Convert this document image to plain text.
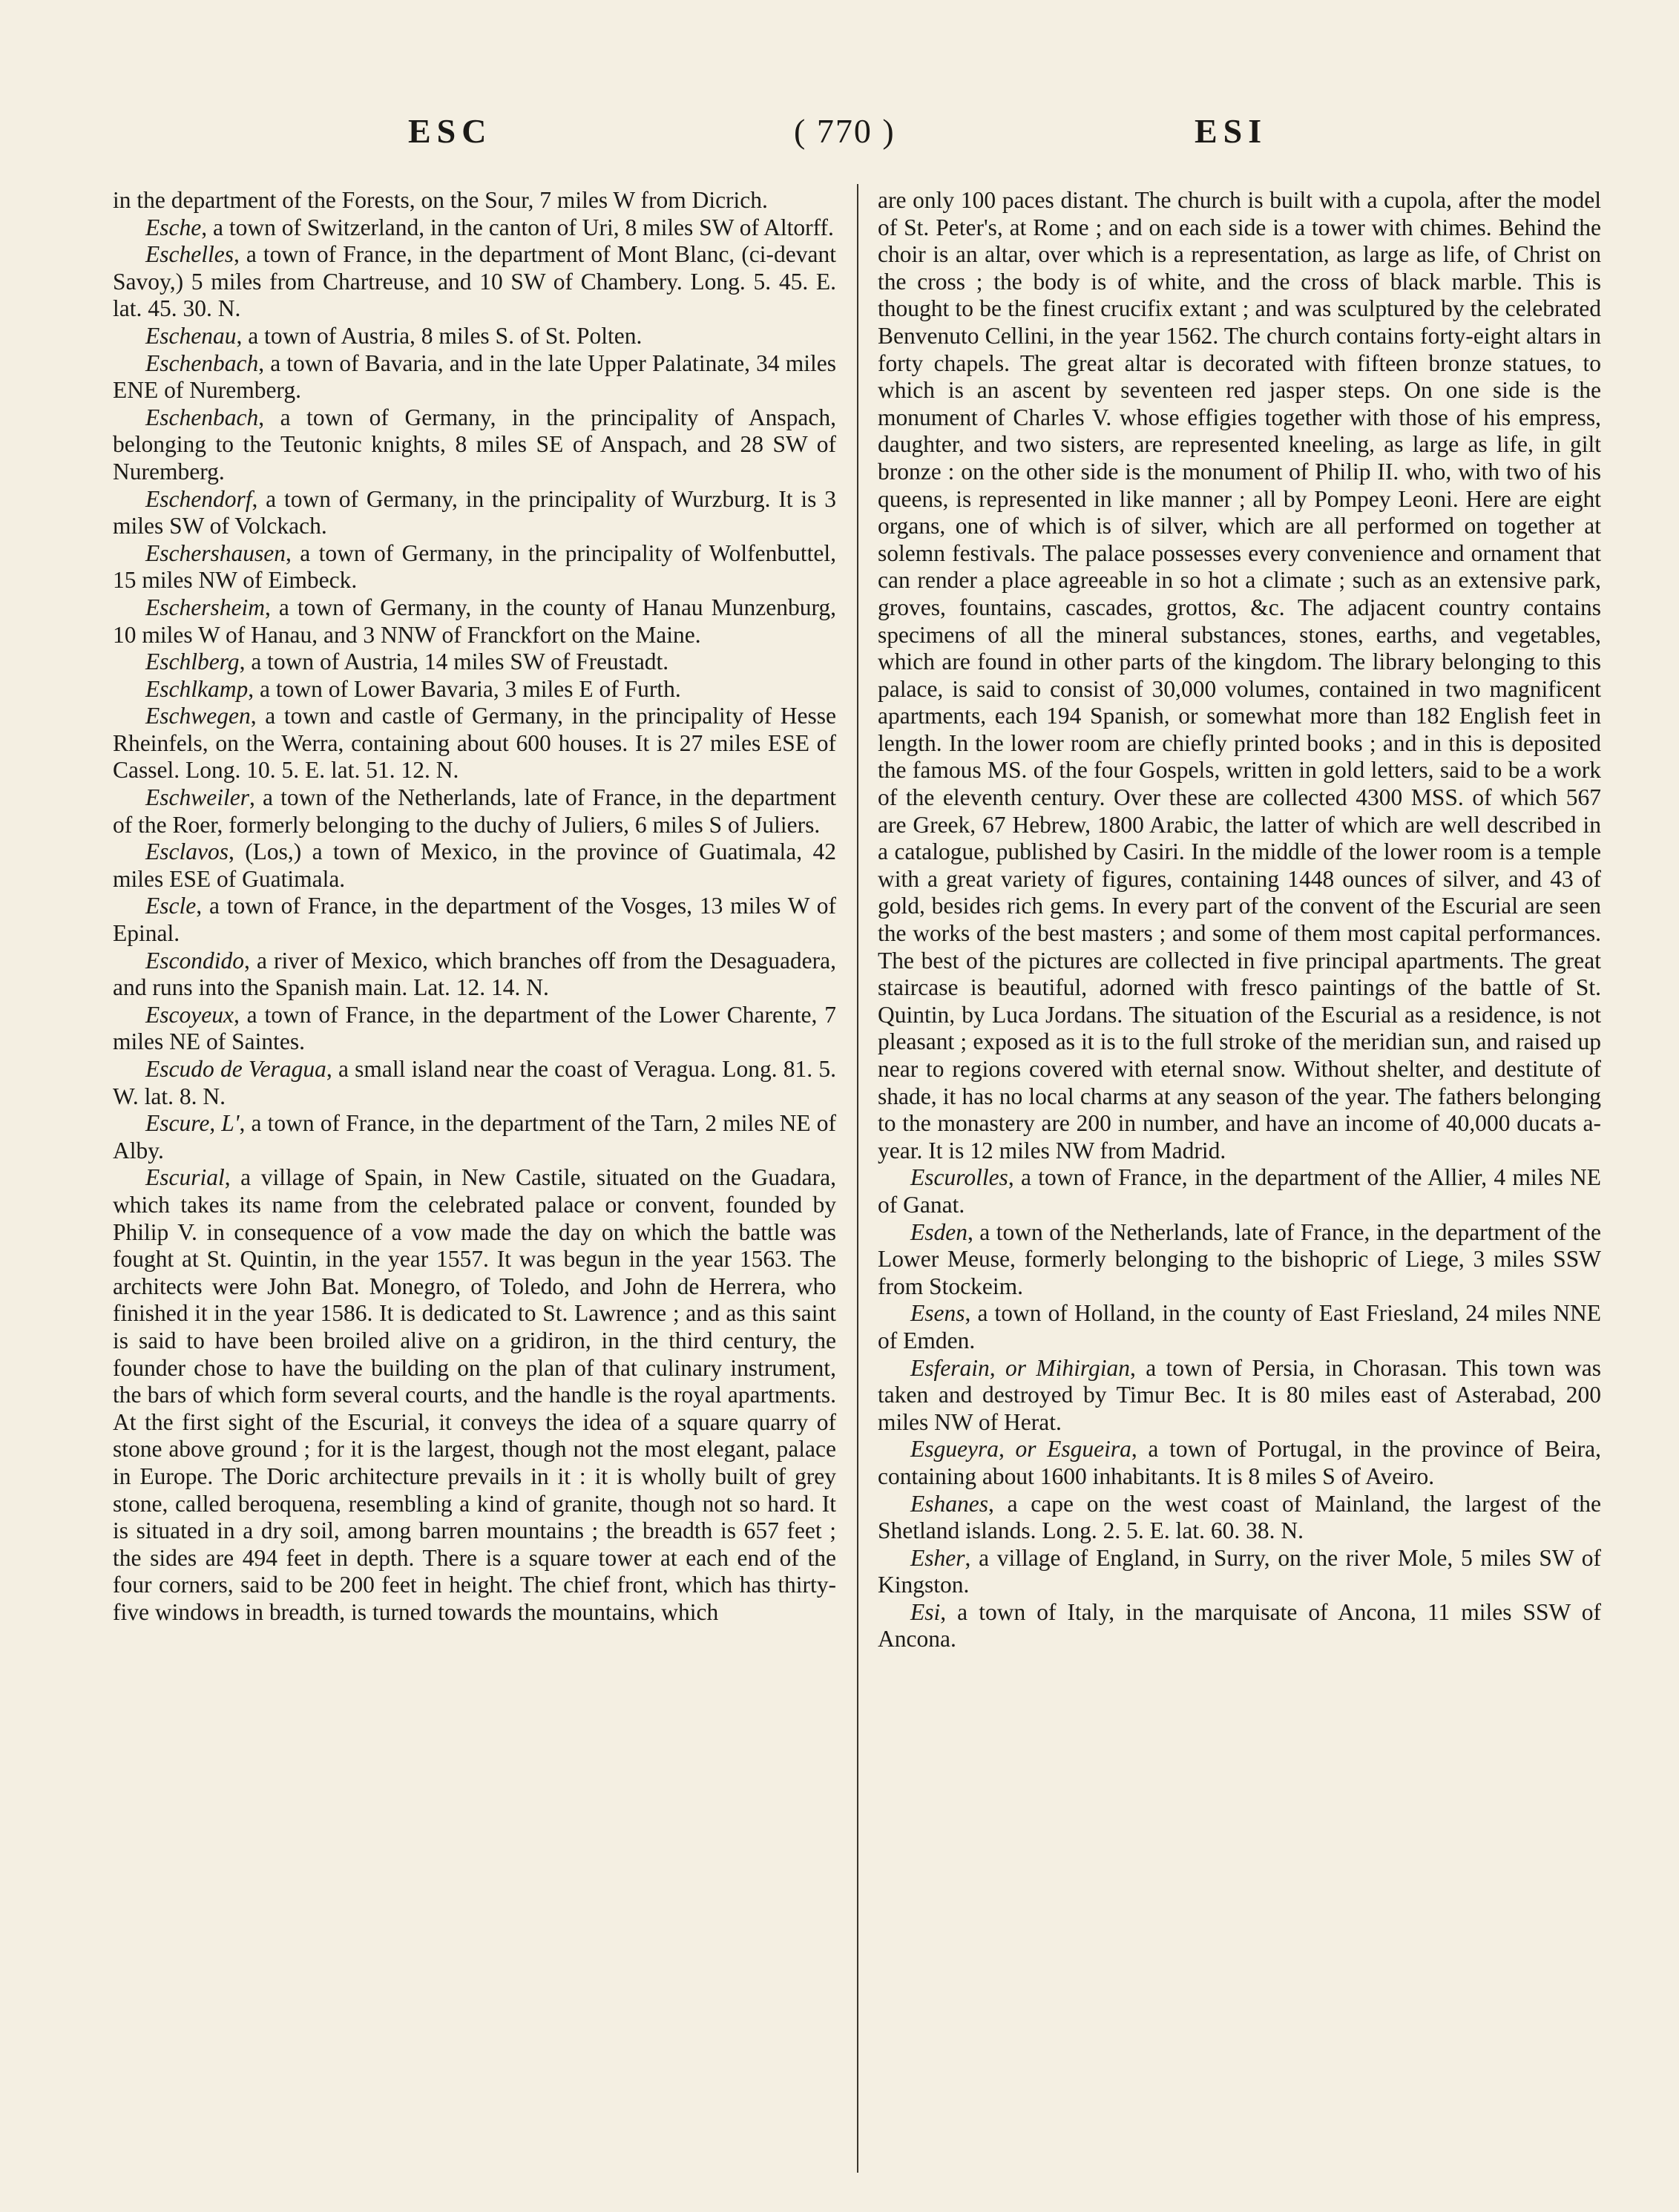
ESC	( 770 )	ESI

in the department of the Forests, on the Sour, 7 miles W from Dicrich.

Esche, a town of Switzerland, in the canton of Uri, 8 miles SW of Altorff.

Eschelles, a town of France, in the department of Mont Blanc, (ci-devant Savoy,) 5 miles from Chartreuse, and 10 SW of Chambery. Long. 5. 45. E. lat. 45. 30. N.

Eschenau, a town of Austria, 8 miles S. of St. Polten.

Eschenbach, a town of Bavaria, and in the late Upper Palatinate, 34 miles ENE of Nuremberg.

Eschenbach, a town of Germany, in the principality of Anspach, belonging to the Teutonic knights, 8 miles SE of Anspach, and 28 SW of Nuremberg.

Eschendorf, a town of Germany, in the principality of Wurzburg. It is 3 miles SW of Volckach.

Eschershausen, a town of Germany, in the principality of Wolfenbuttel, 15 miles NW of Eimbeck.

Eschersheim, a town of Germany, in the county of Hanau Munzenburg, 10 miles W of Hanau, and 3 NNW of Franckfort on the Maine.

Eschlberg, a town of Austria, 14 miles SW of Freustadt.

Eschlkamp, a town of Lower Bavaria, 3 miles E of Furth.

Eschwegen, a town and castle of Germany, in the principality of Hesse Rheinfels, on the Werra, containing about 600 houses. It is 27 miles ESE of Cassel. Long. 10. 5. E. lat. 51. 12. N.

Eschweiler, a town of the Netherlands, late of France, in the department of the Roer, formerly belonging to the duchy of Juliers, 6 miles S of Juliers.

Esclavos, (Los,) a town of Mexico, in the province of Guatimala, 42 miles ESE of Guatimala.

Escle, a town of France, in the department of the Vosges, 13 miles W of Epinal.

Escondido, a river of Mexico, which branches off from the Desaguadera, and runs into the Spanish main. Lat. 12. 14. N.

Escoyeux, a town of France, in the department of the Lower Charente, 7 miles NE of Saintes.

Escudo de Veragua, a small island near the coast of Veragua. Long. 81. 5. W. lat. 8. N.

Escure, L', a town of France, in the department of the Tarn, 2 miles NE of Alby.

Escurial, a village of Spain, in New Castile, situated on the Guadara, which takes its name from the celebrated palace or convent, founded by Philip V. in consequence of a vow made the day on which the battle was fought at St. Quintin, in the year 1557. It was begun in the year 1563. The architects were John Bat. Monegro, of Toledo, and John de Herrera, who finished it in the year 1586. It is dedicated to St. Lawrence ; and as this saint is said to have been broiled alive on a gridiron, in the third century, the founder chose to have the building on the plan of that culinary instrument, the bars of which form several courts, and the handle is the royal apartments. At the first sight of the Escurial, it conveys the idea of a square quarry of stone above ground ; for it is the largest, though not the most elegant, palace in Europe. The Doric architecture prevails in it : it is wholly built of grey stone, called beroquena, resembling a kind of granite, though not so hard. It is situated in a dry soil, among barren mountains ; the breadth is 657 feet ; the sides are 494 feet in depth. There is a square tower at each end of the four corners, said to be 200 feet in height. The chief front, which has thirty-five windows in breadth, is turned towards the mountains, which

are only 100 paces distant. The church is built with a cupola, after the model of St. Peter's, at Rome ; and on each side is a tower with chimes. Behind the choir is an altar, over which is a representation, as large as life, of Christ on the cross ; the body is of white, and the cross of black marble. This is thought to be the finest crucifix extant ; and was sculptured by the celebrated Benvenuto Cellini, in the year 1562. The church contains forty-eight altars in forty chapels. The great altar is decorated with fifteen bronze statues, to which is an ascent by seventeen red jasper steps. On one side is the monument of Charles V. whose effigies together with those of his empress, daughter, and two sisters, are represented kneeling, as large as life, in gilt bronze : on the other side is the monument of Philip II. who, with two of his queens, is represented in like manner ; all by Pompey Leoni. Here are eight organs, one of which is of silver, which are all performed on together at solemn festivals. The palace possesses every convenience and ornament that can render a place agreeable in so hot a climate ; such as an extensive park, groves, fountains, cascades, grottos, &c. The adjacent country contains specimens of all the mineral substances, stones, earths, and vegetables, which are found in other parts of the kingdom. The library belonging to this palace, is said to consist of 30,000 volumes, contained in two magnificent apartments, each 194 Spanish, or somewhat more than 182 English feet in length. In the lower room are chiefly printed books ; and in this is deposited the famous MS. of the four Gospels, written in gold letters, said to be a work of the eleventh century. Over these are collected 4300 MSS. of which 567 are Greek, 67 Hebrew, 1800 Arabic, the latter of which are well described in a catalogue, published by Casiri. In the middle of the lower room is a temple with a great variety of figures, containing 1448 ounces of silver, and 43 of gold, besides rich gems. In every part of the convent of the Escurial are seen the works of the best masters ; and some of them most capital performances. The best of the pictures are collected in five principal apartments. The great staircase is beautiful, adorned with fresco paintings of the battle of St. Quintin, by Luca Jordans. The situation of the Escurial as a residence, is not pleasant ; exposed as it is to the full stroke of the meridian sun, and raised up near to regions covered with eternal snow. Without shelter, and destitute of shade, it has no local charms at any season of the year. The fathers belonging to the monastery are 200 in number, and have an income of 40,000 ducats a-year. It is 12 miles NW from Madrid.

Escurolles, a town of France, in the department of the Allier, 4 miles NE of Ganat.

Esden, a town of the Netherlands, late of France, in the department of the Lower Meuse, formerly belonging to the bishopric of Liege, 3 miles SSW from Stockeim.

Esens, a town of Holland, in the county of East Friesland, 24 miles NNE of Emden.

Esferain, or Mihirgian, a town of Persia, in Chorasan. This town was taken and destroyed by Timur Bec. It is 80 miles east of Asterabad, 200 miles NW of Herat.

Esgueyra, or Esgueira, a town of Portugal, in the province of Beira, containing about 1600 inhabitants. It is 8 miles S of Aveiro.

Eshanes, a cape on the west coast of Mainland, the largest of the Shetland islands. Long. 2. 5. E. lat. 60. 38. N.

Esher, a village of England, in Surry, on the river Mole, 5 miles SW of Kingston.

Esi, a town of Italy, in the marquisate of Ancona, 11 miles SSW of Ancona.
